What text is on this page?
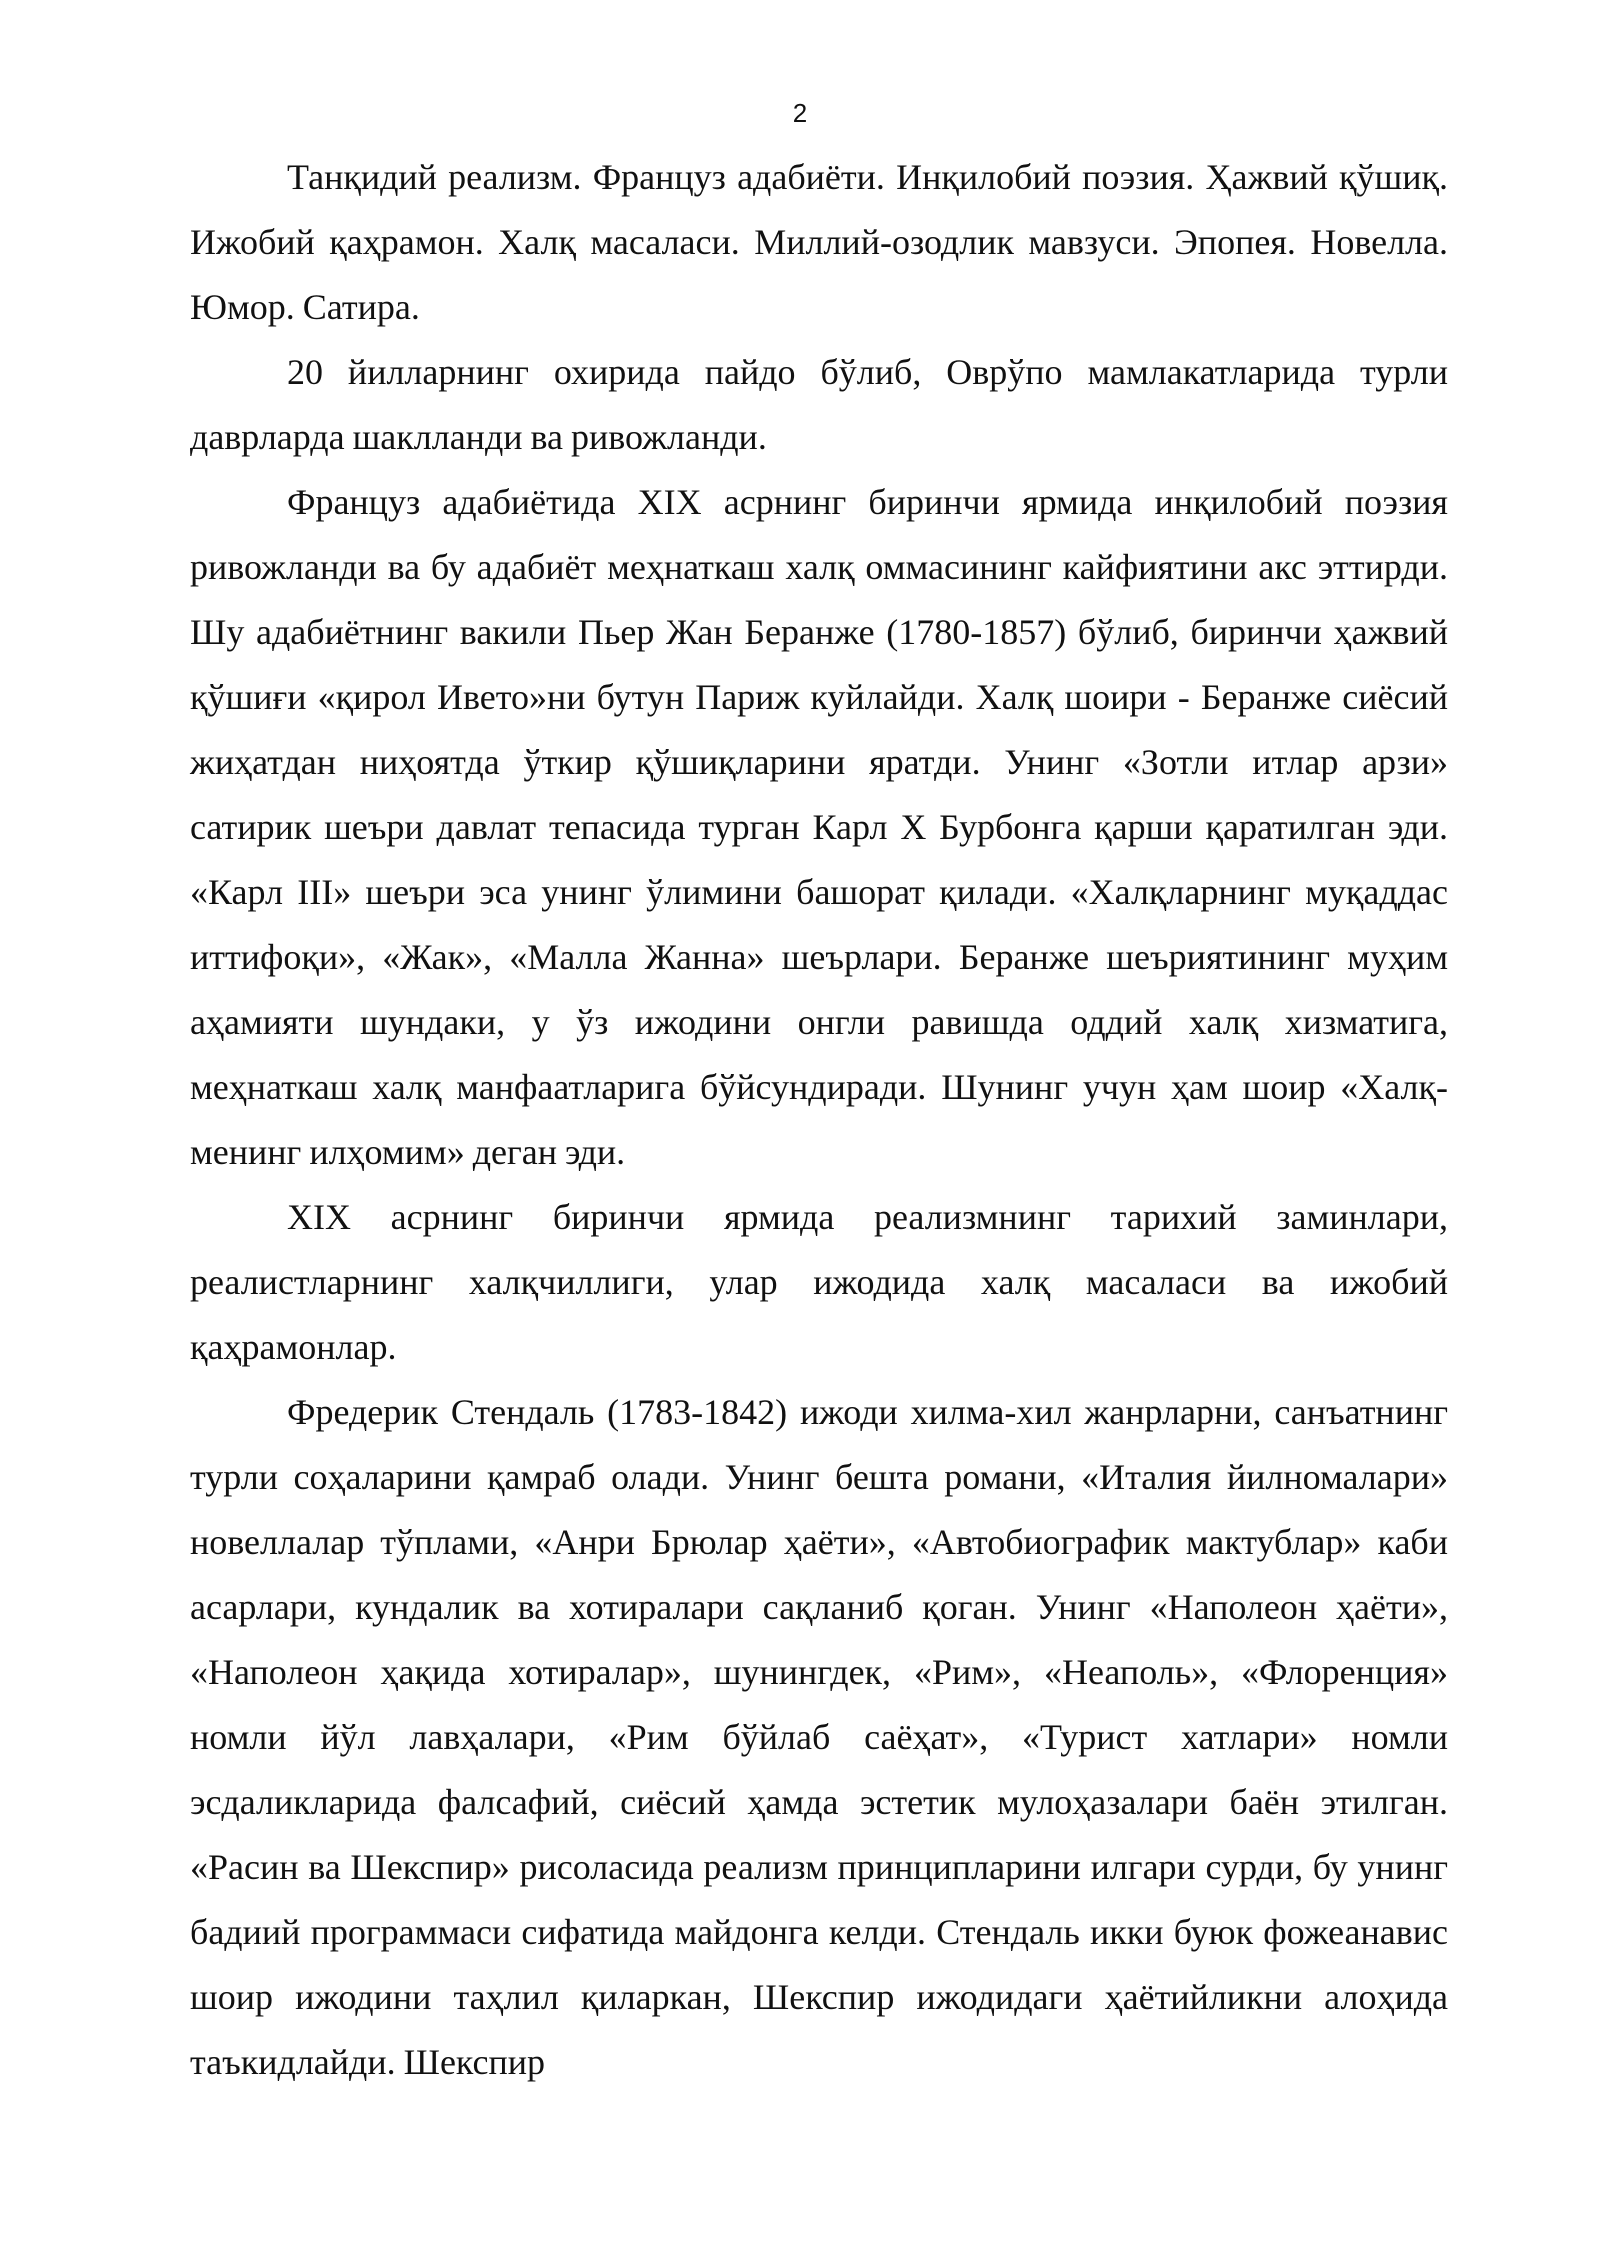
2

Танқидий реализм. Француз адабиёти. Инқилобий поэзия. Ҳажвий қўшиқ. Ижобий қаҳрамон. Халқ масаласи. Миллий-озодлик мавзуси. Эпопея. Новелла. Юмор. Сатира.

20 йилларнинг охирида пайдо бўлиб, Оврўпо мамлакатларида турли даврларда шаклланди ва ривожланди.

Француз адабиётида XIX асрнинг биринчи ярмида инқилобий поэзия ривожланди ва бу адабиёт меҳнаткаш халқ оммасининг кайфиятини акс эттирди. Шу адабиётнинг вакили Пьер Жан Беранже (1780-1857) бўлиб, биринчи ҳажвий қўшиғи «қирол Ивето»ни бутун Париж куйлайди. Халқ шоири - Беранже сиёсий жиҳатдан ниҳоятда ўткир қўшиқларини яратди. Унинг «Зотли итлар арзи» сатирик шеъри давлат тепасида турган Карл X Бурбонга қарши қаратилган эди. «Карл III» шеъри эса унинг ўлимини башорат қилади. «Халқларнинг муқаддас иттифоқи», «Жак», «Малла Жанна» шеърлари. Беранже шеъриятининг муҳим аҳамияти шундаки, у ўз ижодини онгли равишда оддий халқ хизматига, меҳнаткаш халқ манфаатларига бўйсундиради. Шунинг учун ҳам шоир «Халқ-менинг илҳомим» деган эди.

XIX асрнинг биринчи ярмида реализмнинг тарихий заминлари, реалистларнинг халқчиллиги, улар ижодида халқ масаласи ва ижобий қаҳрамонлар.

Фредерик Стендаль (1783-1842) ижоди хилма-хил жанрларни, санъатнинг турли соҳаларини қамраб олади. Унинг бешта романи, «Италия йилномалари» новеллалар тўплами, «Анри Брюлар ҳаёти», «Автобиографик мактублар» каби асарлари, кундалик ва хотиралари сақланиб қоган. Унинг «Наполеон ҳаёти», «Наполеон ҳақида хотиралар», шунингдек, «Рим», «Неаполь», «Флоренция» номли йўл лавҳалари, «Рим бўйлаб саёҳат», «Турист хатлари» номли эсдаликларида фалсафий, сиёсий ҳамда эстетик мулоҳазалари баён этилган. «Расин ва Шекспир» рисоласида реализм принципларини илгари сурди, бу унинг бадиий программаси сифатида майдонга келди. Стендаль икки буюк фожеанавис шоир ижодини таҳлил қиларкан, Шекспир ижодидаги ҳаётийликни алоҳида таъкидлайди. Шекспир
